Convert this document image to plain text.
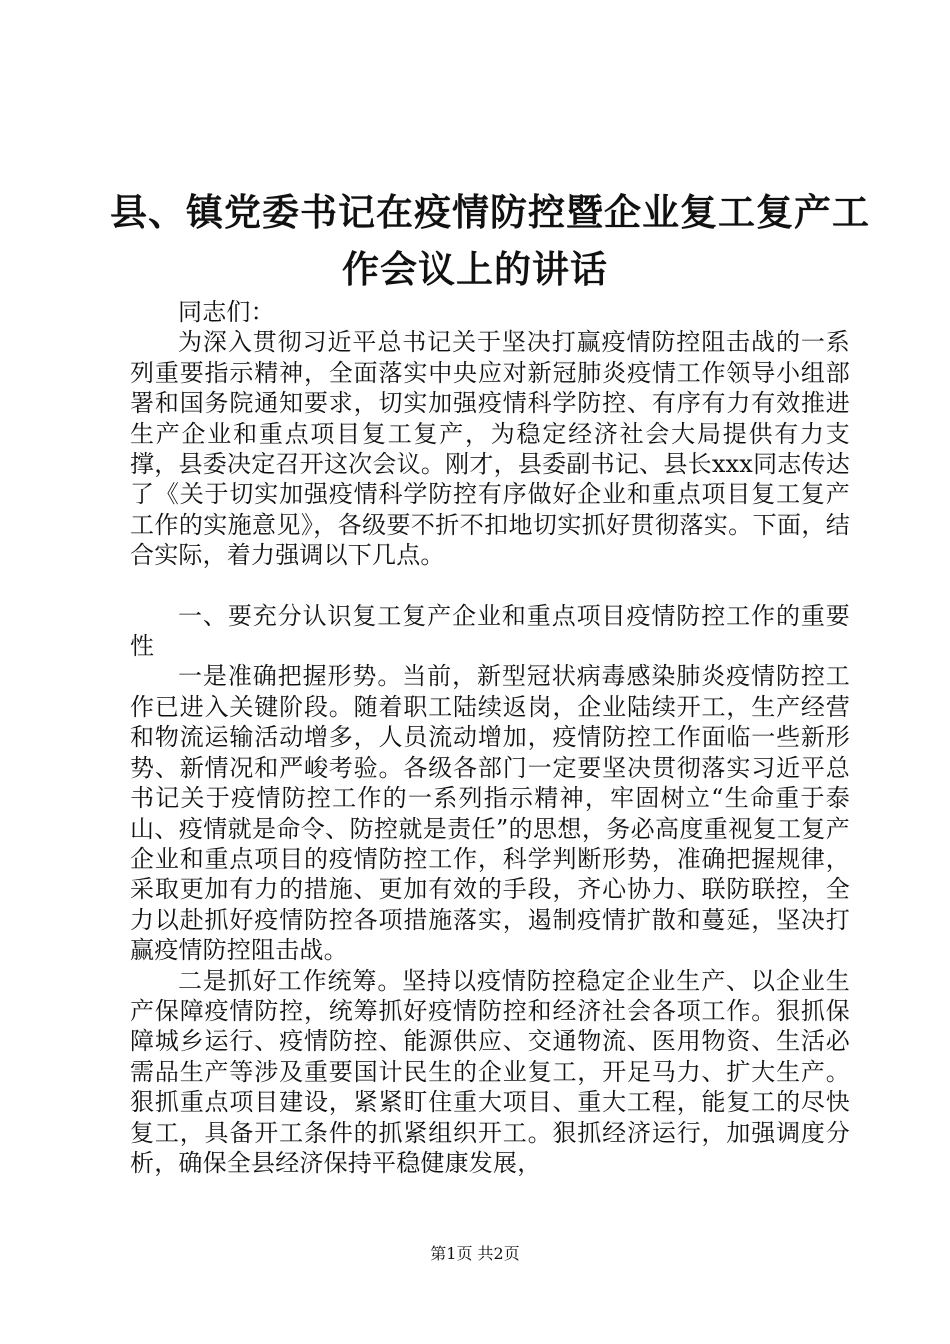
县、镇党委书记在疫情防控暨企业复工复产工
作会议上的讲话

同志们：

为深入贯彻习近平总书记关于坚决打赢疫情防控阻击战的一系列重要指示精神，全面落实中央应对新冠肺炎疫情工作领导小组部署和国务院通知要求，切实加强疫情科学防控、有序有力有效推进生产企业和重点项目复工复产，为稳定经济社会大局提供有力支撑，县委决定召开这次会议。刚才，县委副书记、县长xxx同志传达了《关于切实加强疫情科学防控有序做好企业和重点项目复工复产工作的实施意见》，各级要不折不扣地切实抓好贯彻落实。下面，结合实际，着力强调以下几点。

一、要充分认识复工复产企业和重点项目疫情防控工作的重要性

一是准确把握形势。当前，新型冠状病毒感染肺炎疫情防控工作已进入关键阶段。随着职工陆续返岗，企业陆续开工，生产经营和物流运输活动增多，人员流动增加，疫情防控工作面临一些新形势、新情况和严峻考验。各级各部门一定要坚决贯彻落实习近平总书记关于疫情防控工作的一系列指示精神，牢固树立“生命重于泰山、疫情就是命令、防控就是责任”的思想，务必高度重视复工复产企业和重点项目的疫情防控工作，科学判断形势，准确把握规律，采取更加有力的措施、更加有效的手段，齐心协力、联防联控，全力以赴抓好疫情防控各项措施落实，遏制疫情扩散和蔓延，坚决打赢疫情防控阻击战。

二是抓好工作统筹。坚持以疫情防控稳定企业生产、以企业生产保障疫情防控，统筹抓好疫情防控和经济社会各项工作。狠抓保障城乡运行、疫情防控、能源供应、交通物流、医用物资、生活必需品生产等涉及重要国计民生的企业复工，开足马力、扩大生产。狠抓重点项目建设，紧紧盯住重大项目、重大工程，能复工的尽快复工，具备开工条件的抓紧组织开工。狠抓经济运行，加强调度分析，确保全县经济保持平稳健康发展，

第1页 共2页
